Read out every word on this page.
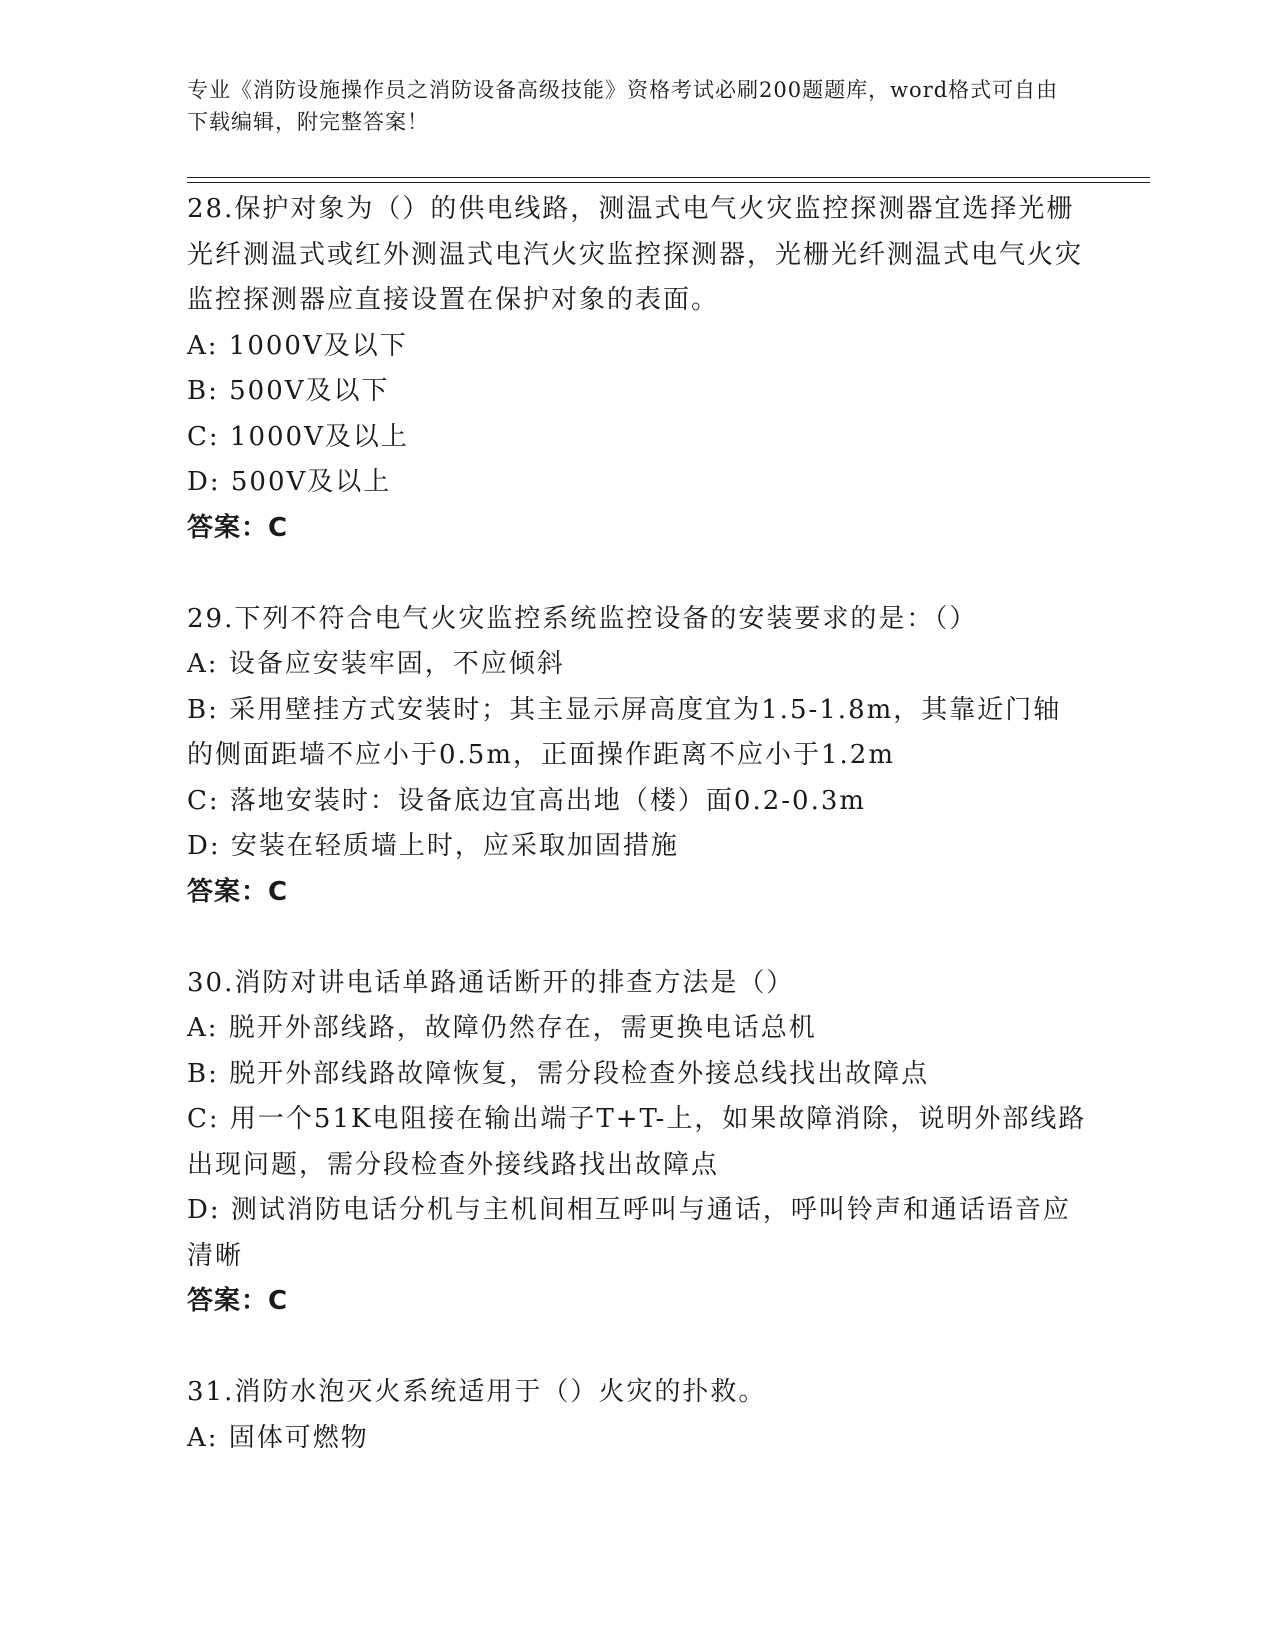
专业《消防设施操作员之消防设备高级技能》资格考试必刷200题题库，word格式可自由下载编辑，附完整答案！
28.保护对象为（）的供电线路，测温式电气火灾监控探测器宜选择光栅光纤测温式或红外测温式电汽火灾监控探测器，光栅光纤测温式电气火灾监控探测器应直接设置在保护对象的表面。
A: 1000V及以下
B: 500V及以下
C: 1000V及以上
D: 500V及以上
答案：C
29.下列不符合电气火灾监控系统监控设备的安装要求的是：（）
A: 设备应安装牢固，不应倾斜
B: 采用壁挂方式安装时；其主显示屏高度宜为1.5-1.8m，其靠近门轴的侧面距墙不应小于0.5m，正面操作距离不应小于1.2m
C: 落地安装时：设备底边宜高出地（楼）面0.2-0.3m
D: 安装在轻质墙上时，应采取加固措施
答案：C
30.消防对讲电话单路通话断开的排查方法是（）
A: 脱开外部线路，故障仍然存在，需更换电话总机
B: 脱开外部线路故障恢复，需分段检查外接总线找出故障点
C: 用一个51K电阻接在输出端子T+T-上，如果故障消除，说明外部线路出现问题，需分段检查外接线路找出故障点
D: 测试消防电话分机与主机间相互呼叫与通话，呼叫铃声和通话语音应清晰
答案：C
31.消防水泡灭火系统适用于（）火灾的扑救。
A: 固体可燃物
